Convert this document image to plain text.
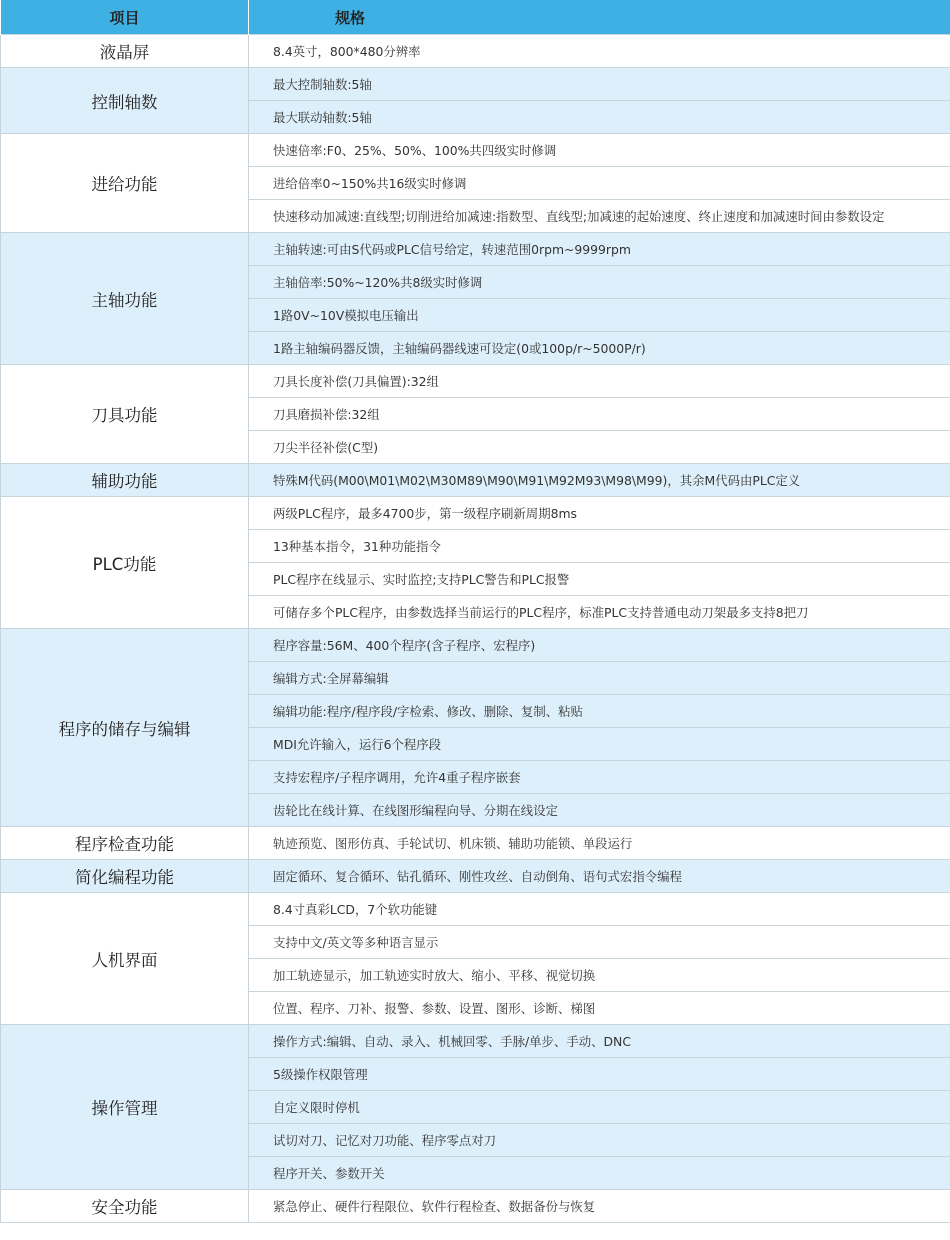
项目	规格
液晶屏	8.4英寸，800*480分辨率
控制轴数	最大控制轴数:5轴
	最大联动轴数:5轴
进给功能	快速倍率:F0、25%、50%、100%共四级实时修调
	进给倍率0~150%共16级实时修调
	快速移动加减速:直线型;切削进给加减速:指数型、直线型;加减速的起始速度、终止速度和加减速时间由参数设定
主轴功能	主轴转速:可由S代码或PLC信号给定，转速范围0rpm~9999rpm
	主轴倍率:50%~120%共8级实时修调
	1路0V~10V模拟电压输出
	1路主轴编码器反馈，主轴编码器线速可设定(0或100p/r~5000P/r)
刀具功能	刀具长度补偿(刀具偏置):32组
	刀具磨损补偿:32组
	刀尖半径补偿(C型)
辅助功能	特殊M代码(M00\M01\M02\M30M89\M90\M91\M92M93\M98\M99)，其余M代码由PLC定义
PLC功能	两级PLC程序，最多4700步，第一级程序刷新周期8ms
	13种基本指令，31种功能指令
	PLC程序在线显示、实时监控;支持PLC警告和PLC报警
	可储存多个PLC程序，由参数选择当前运行的PLC程序，标准PLC支持普通电动刀架最多支持8把刀
程序的储存与编辑	程序容量:56M、400个程序(含子程序、宏程序)
	编辑方式:全屏幕编辑
	编辑功能:程序/程序段/字检索、修改、删除、复制、粘贴
	MDI允许输入，运行6个程序段
	支持宏程序/子程序调用，允许4重子程序嵌套
	齿轮比在线计算、在线图形编程向导、分期在线设定
程序检查功能	轨迹预览、图形仿真、手轮试切、机床锁、辅助功能锁、单段运行
简化编程功能	固定循环、复合循环、钻孔循环、刚性攻丝、自动倒角、语句式宏指令编程
人机界面	8.4寸真彩LCD，7个软功能键
	支持中文/英文等多种语言显示
	加工轨迹显示，加工轨迹实时放大、缩小、平移、视觉切换
	位置、程序、刀补、报警、参数、设置、图形、诊断、梯图
操作管理	操作方式:编辑、自动、录入、机械回零、手脉/单步、手动、DNC
	5级操作权限管理
	自定义限时停机
	试切对刀、记忆对刀功能、程序零点对刀
	程序开关、参数开关
安全功能	紧急停止、硬件行程限位、软件行程检查、数据备份与恢复
